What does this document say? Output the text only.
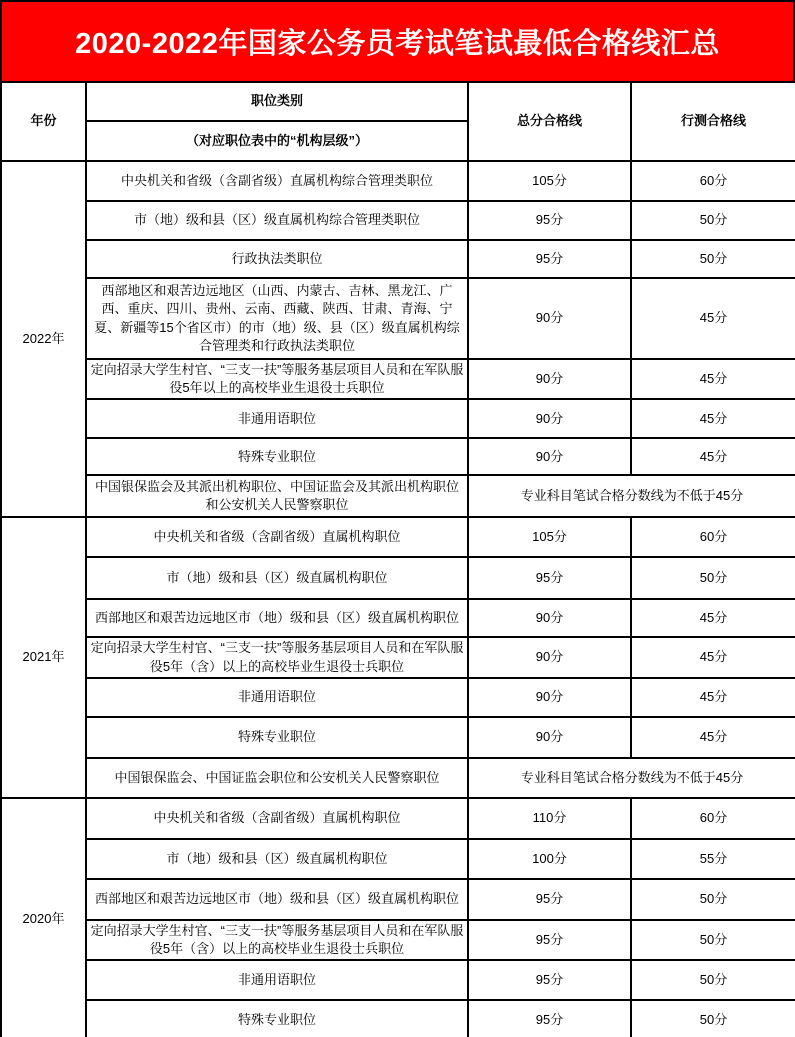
2020-2022年国家公务员考试笔试最低合格线汇总
年份	职位类别	总分合格线	行测合格线
	（对应职位表中的“机构层级”）		
2022年	中央机关和省级（含副省级）直属机构综合管理类职位	105分	60分
	市（地）级和县（区）级直属机构综合管理类职位	95分	50分
	行政执法类职位	95分	50分
	西部地区和艰苦边远地区（山西、内蒙古、吉林、黑龙江、广西、重庆、四川、贵州、云南、西藏、陕西、甘肃、青海、宁夏、新疆等15个省区市）的市（地）级、县（区）级直属机构综合管理类和行政执法类职位	90分	45分
	定向招录大学生村官、“三支一扶”等服务基层项目人员和在军队服役5年以上的高校毕业生退役士兵职位	90分	45分
	非通用语职位	90分	45分
	特殊专业职位	90分	45分
	中国银保监会及其派出机构职位、中国证监会及其派出机构职位和公安机关人民警察职位	专业科目笔试合格分数线为不低于45分	
2021年	中央机关和省级（含副省级）直属机构职位	105分	60分
	市（地）级和县（区）级直属机构职位	95分	50分
	西部地区和艰苦边远地区市（地）级和县（区）级直属机构职位	90分	45分
	定向招录大学生村官、“三支一扶”等服务基层项目人员和在军队服役5年（含）以上的高校毕业生退役士兵职位	90分	45分
	非通用语职位	90分	45分
	特殊专业职位	90分	45分
	中国银保监会、中国证监会职位和公安机关人民警察职位	专业科目笔试合格分数线为不低于45分	
2020年	中央机关和省级（含副省级）直属机构职位	110分	60分
	市（地）级和县（区）级直属机构职位	100分	55分
	西部地区和艰苦边远地区市（地）级和县（区）级直属机构职位	95分	50分
	定向招录大学生村官、“三支一扶”等服务基层项目人员和在军队服役5年（含）以上的高校毕业生退役士兵职位	95分	50分
	非通用语职位	95分	50分
	特殊专业职位	95分	50分
